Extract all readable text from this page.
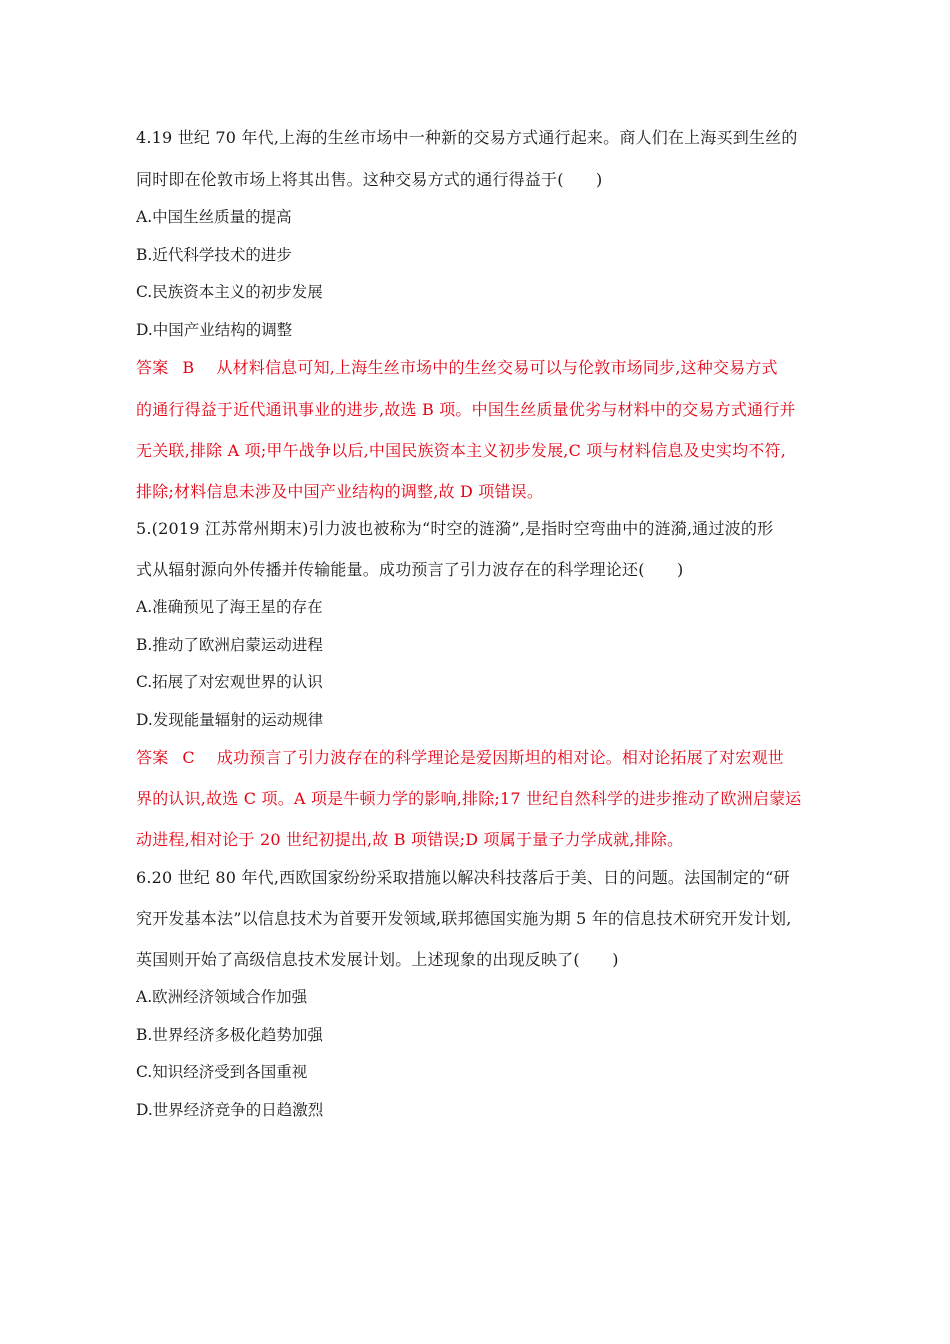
4.19 世纪 70 年代,上海的生丝市场中一种新的交易方式通行起来。商人们在上海买到生丝的
同时即在伦敦市场上将其出售。这种交易方式的通行得益于(　　)
A.中国生丝质量的提高
B.近代科学技术的进步
C.民族资本主义的初步发展
D.中国产业结构的调整
答案 B 从材料信息可知,上海生丝市场中的生丝交易可以与伦敦市场同步,这种交易方式
的通行得益于近代通讯事业的进步,故选 B 项。中国生丝质量优劣与材料中的交易方式通行并
无关联,排除 A 项;甲午战争以后,中国民族资本主义初步发展,C 项与材料信息及史实均不符,
排除;材料信息未涉及中国产业结构的调整,故 D 项错误。
5.(2019 江苏常州期末)引力波也被称为“时空的涟漪”,是指时空弯曲中的涟漪,通过波的形
式从辐射源向外传播并传输能量。成功预言了引力波存在的科学理论还(　　)
A.准确预见了海王星的存在
B.推动了欧洲启蒙运动进程
C.拓展了对宏观世界的认识
D.发现能量辐射的运动规律
答案 C 成功预言了引力波存在的科学理论是爱因斯坦的相对论。相对论拓展了对宏观世
界的认识,故选 C 项。A 项是牛顿力学的影响,排除;17 世纪自然科学的进步推动了欧洲启蒙运
动进程,相对论于 20 世纪初提出,故 B 项错误;D 项属于量子力学成就,排除。
6.20 世纪 80 年代,西欧国家纷纷采取措施以解决科技落后于美、日的问题。法国制定的“研
究开发基本法”以信息技术为首要开发领域,联邦德国实施为期 5 年的信息技术研究开发计划,
英国则开始了高级信息技术发展计划。上述现象的出现反映了(　　)
A.欧洲经济领域合作加强
B.世界经济多极化趋势加强
C.知识经济受到各国重视
D.世界经济竞争的日趋激烈
